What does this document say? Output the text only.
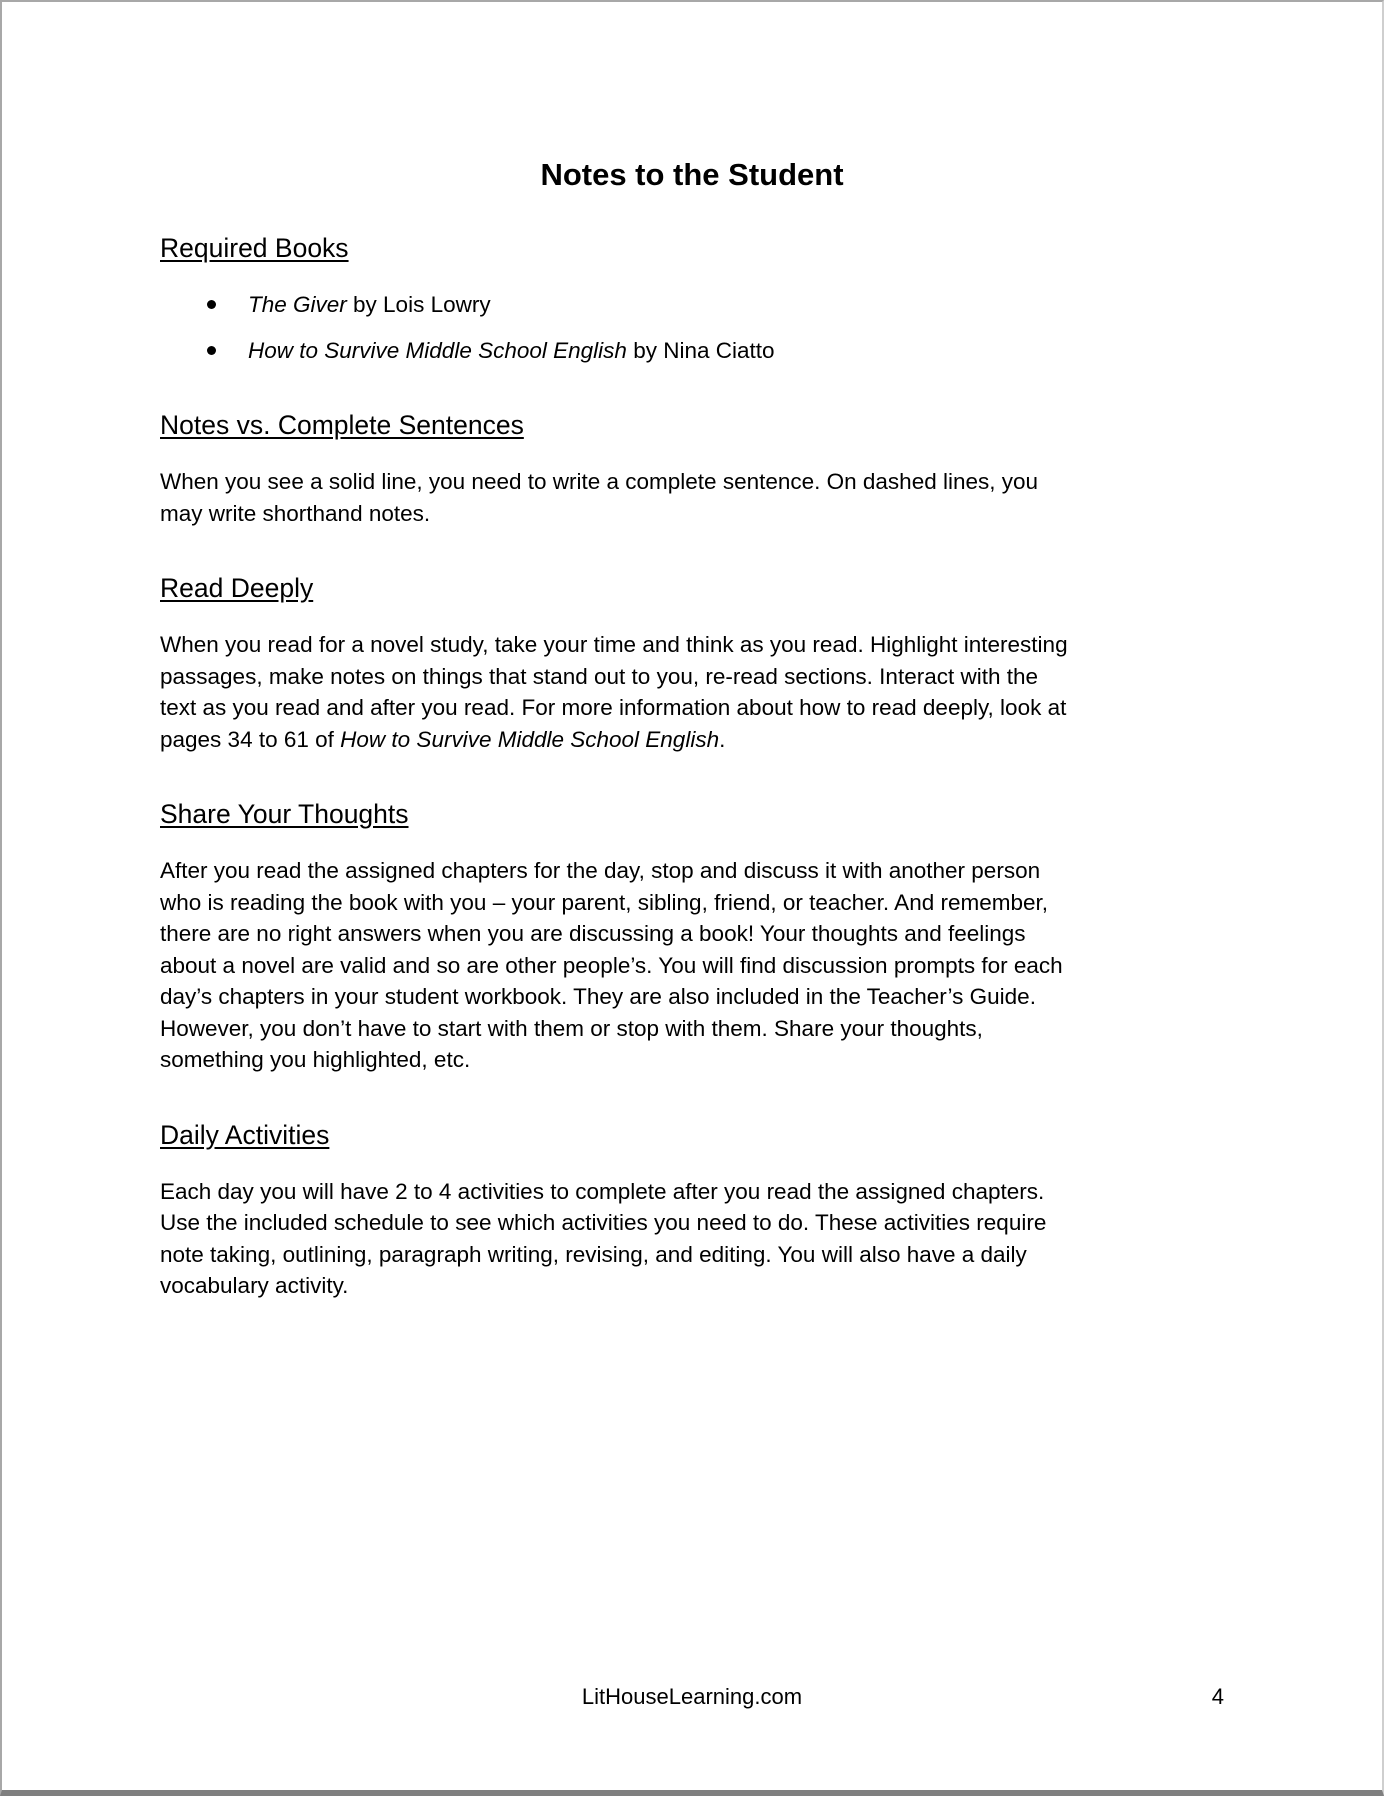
Notes to the Student
Required Books
The Giver by Lois Lowry
How to Survive Middle School English by Nina Ciatto
Notes vs. Complete Sentences

When you see a solid line, you need to write a complete sentence. On dashed lines, you may write shorthand notes.

Read Deeply

When you read for a novel study, take your time and think as you read. Highlight interesting passages, make notes on things that stand out to you, re-read sections. Interact with the text as you read and after you read. For more information about how to read deeply, look at pages 34 to 61 of How to Survive Middle School English.

Share Your Thoughts

After you read the assigned chapters for the day, stop and discuss it with another person who is reading the book with you – your parent, sibling, friend, or teacher. And remember, there are no right answers when you are discussing a book! Your thoughts and feelings about a novel are valid and so are other people’s. You will find discussion prompts for each day’s chapters in your student workbook. They are also included in the Teacher’s Guide. However, you don’t have to start with them or stop with them. Share your thoughts, something you highlighted, etc.

Daily Activities

Each day you will have 2 to 4 activities to complete after you read the assigned chapters. Use the included schedule to see which activities you need to do. These activities require note taking, outlining, paragraph writing, revising, and editing. You will also have a daily vocabulary activity.

LitHouseLearning.com	4
